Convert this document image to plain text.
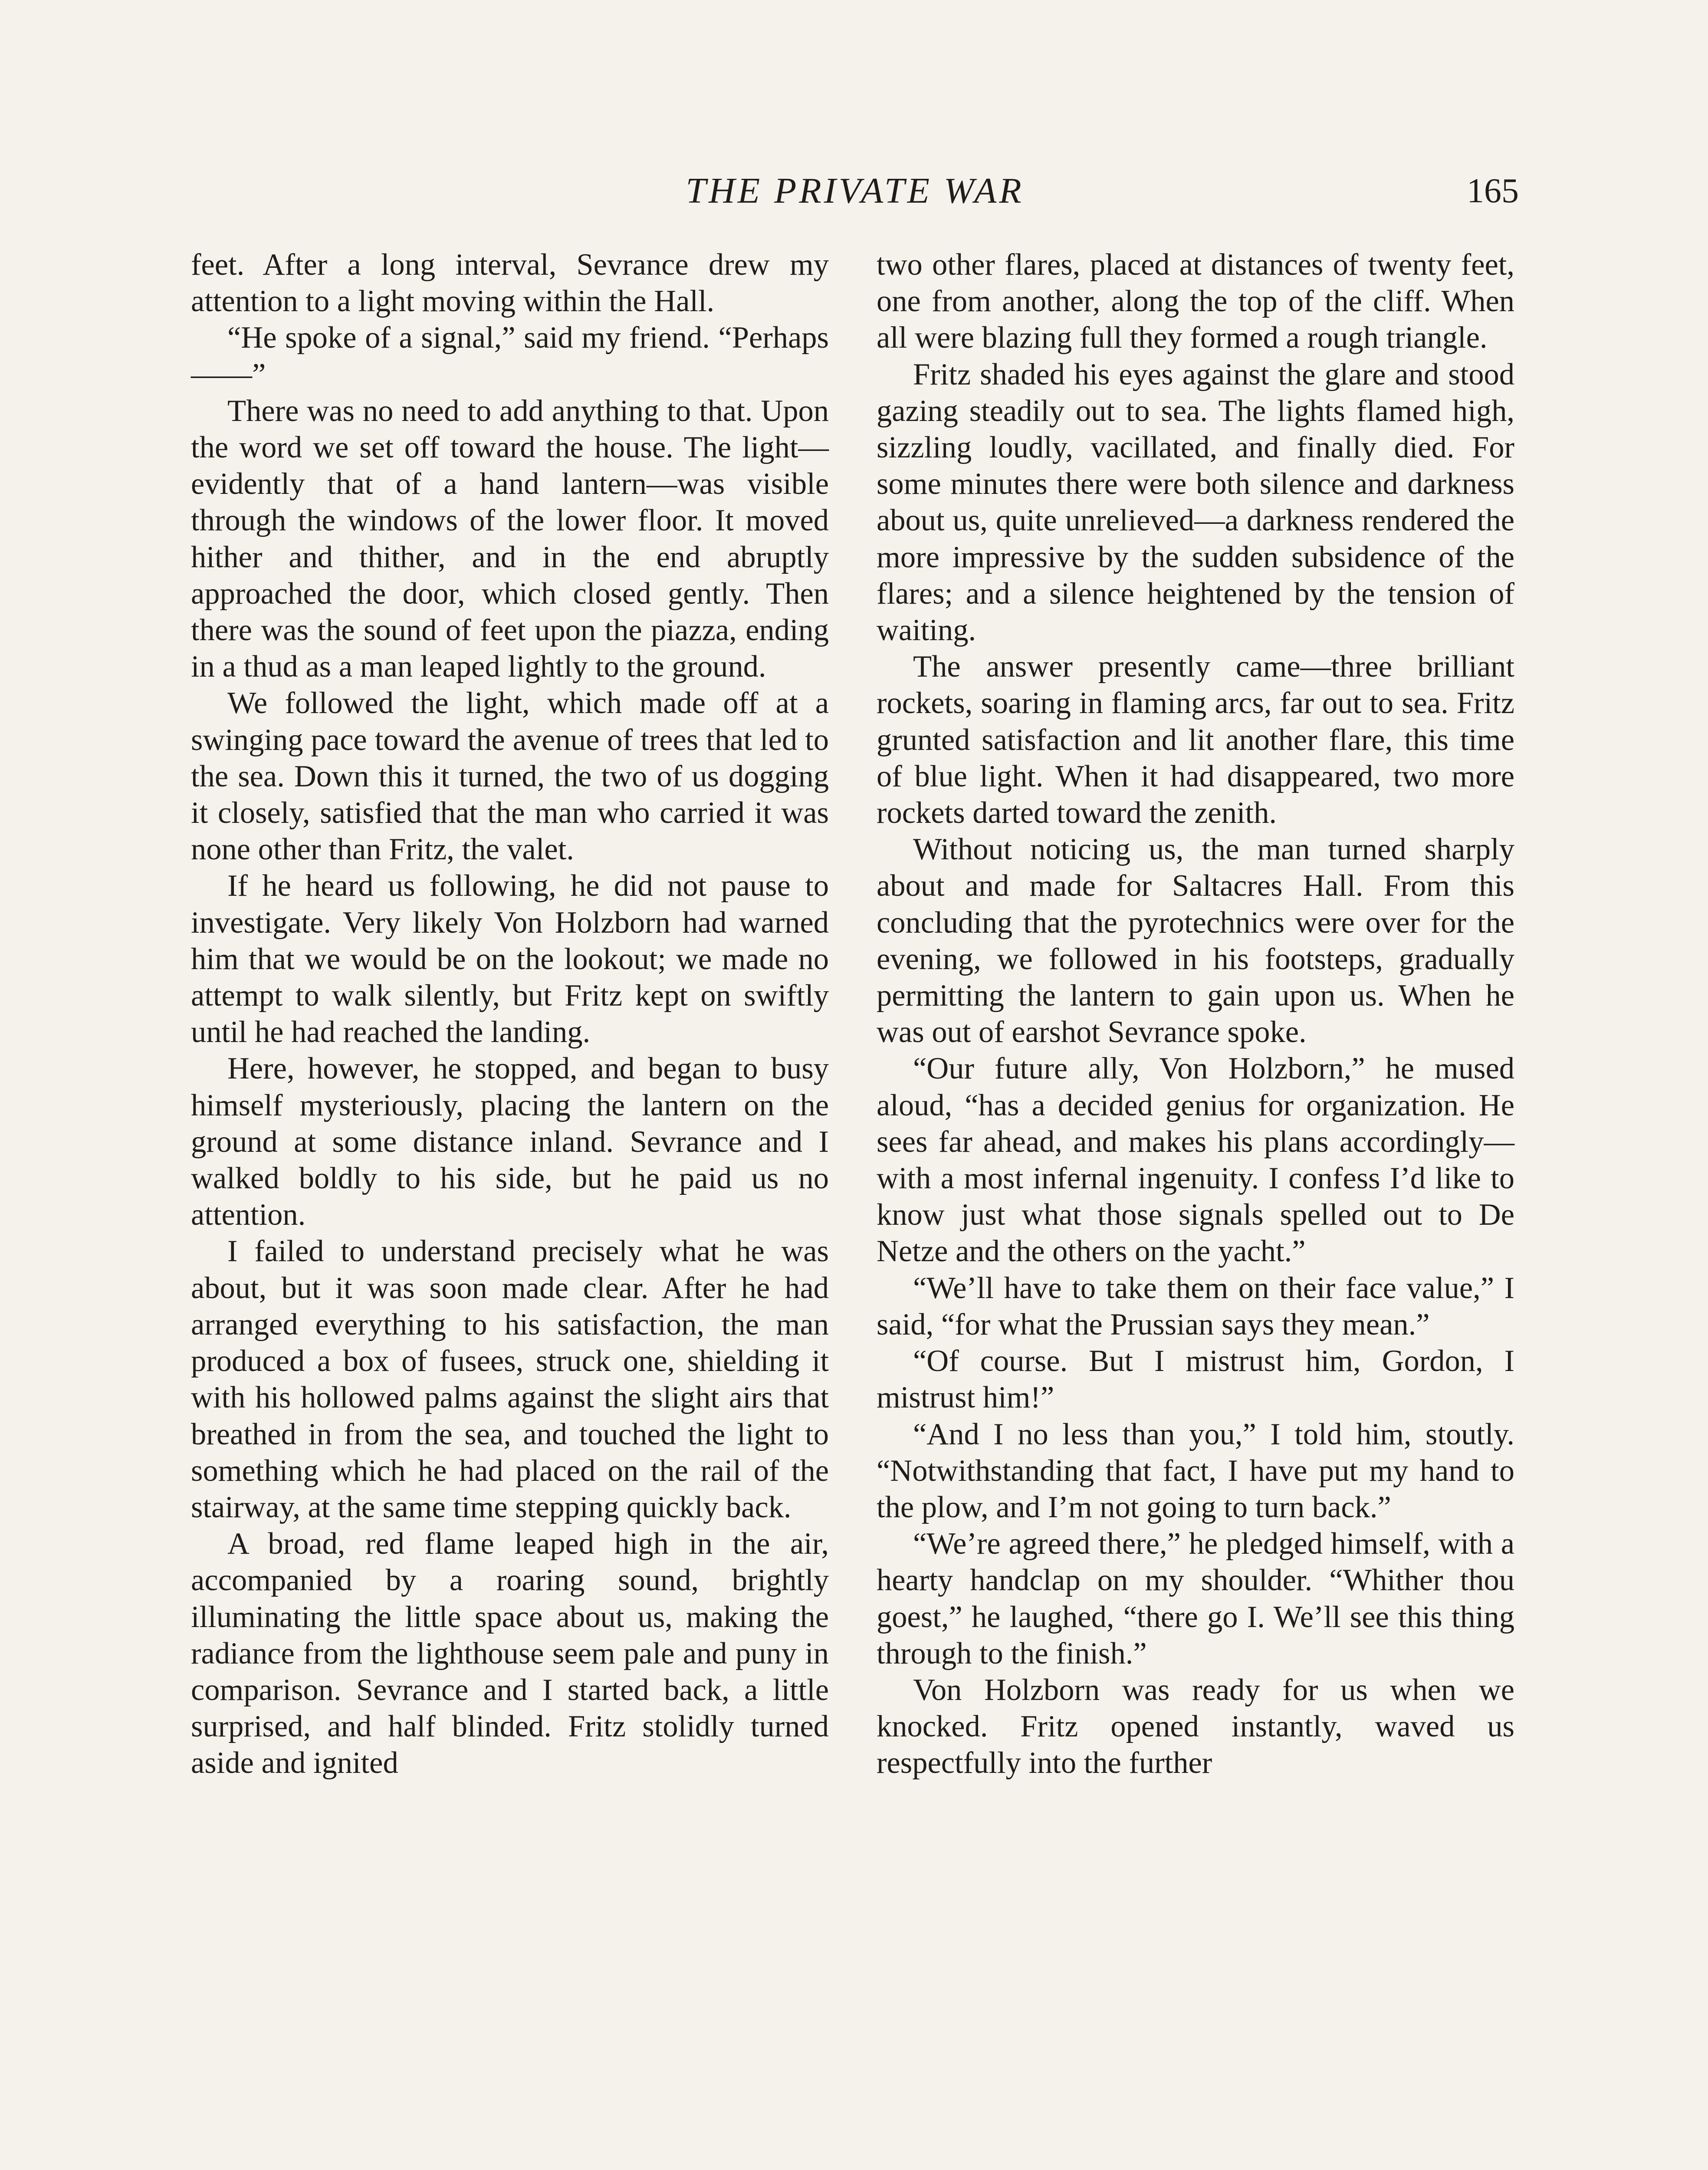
THE PRIVATE WAR	165

feet. After a long interval, Sevrance drew my attention to a light moving within the Hall.

“He spoke of a signal,” said my friend. “Perhaps——”

There was no need to add anything to that. Upon the word we set off toward the house. The light—evidently that of a hand lantern—was visible through the windows of the lower floor. It moved hither and thither, and in the end abruptly approached the door, which closed gently. Then there was the sound of feet upon the piazza, ending in a thud as a man leaped lightly to the ground.

We followed the light, which made off at a swinging pace toward the avenue of trees that led to the sea. Down this it turned, the two of us dogging it closely, satisfied that the man who carried it was none other than Fritz, the valet.

If he heard us following, he did not pause to investigate. Very likely Von Holzborn had warned him that we would be on the lookout; we made no attempt to walk silently, but Fritz kept on swiftly until he had reached the landing.

Here, however, he stopped, and began to busy himself mysteriously, placing the lantern on the ground at some distance inland. Sevrance and I walked boldly to his side, but he paid us no attention.

I failed to understand precisely what he was about, but it was soon made clear. After he had arranged everything to his satisfaction, the man produced a box of fusees, struck one, shielding it with his hollowed palms against the slight airs that breathed in from the sea, and touched the light to something which he had placed on the rail of the stairway, at the same time stepping quickly back.

A broad, red flame leaped high in the air, accompanied by a roaring sound, brightly illuminating the little space about us, making the radiance from the lighthouse seem pale and puny in comparison. Sevrance and I started back, a little surprised, and half blinded. Fritz stolidly turned aside and ignited

two other flares, placed at distances of twenty feet, one from another, along the top of the cliff. When all were blazing full they formed a rough triangle.

Fritz shaded his eyes against the glare and stood gazing steadily out to sea. The lights flamed high, sizzling loudly, vacillated, and finally died. For some minutes there were both silence and darkness about us, quite unrelieved—a darkness rendered the more impressive by the sudden subsidence of the flares; and a silence heightened by the tension of waiting.

The answer presently came—three brilliant rockets, soaring in flaming arcs, far out to sea. Fritz grunted satisfaction and lit another flare, this time of blue light. When it had disappeared, two more rockets darted toward the zenith.

Without noticing us, the man turned sharply about and made for Saltacres Hall. From this concluding that the pyrotechnics were over for the evening, we followed in his footsteps, gradually permitting the lantern to gain upon us. When he was out of earshot Sevrance spoke.

“Our future ally, Von Holzborn,” he mused aloud, “has a decided genius for organization. He sees far ahead, and makes his plans accordingly—with a most infernal ingenuity. I confess I’d like to know just what those signals spelled out to De Netze and the others on the yacht.”

“We’ll have to take them on their face value,” I said, “for what the Prussian says they mean.”

“Of course. But I mistrust him, Gordon, I mistrust him!”

“And I no less than you,” I told him, stoutly. “Notwithstanding that fact, I have put my hand to the plow, and I’m not going to turn back.”

“We’re agreed there,” he pledged himself, with a hearty handclap on my shoulder. “Whither thou goest,” he laughed, “there go I. We’ll see this thing through to the finish.”

Von Holzborn was ready for us when we knocked. Fritz opened instantly, waved us respectfully into the further
